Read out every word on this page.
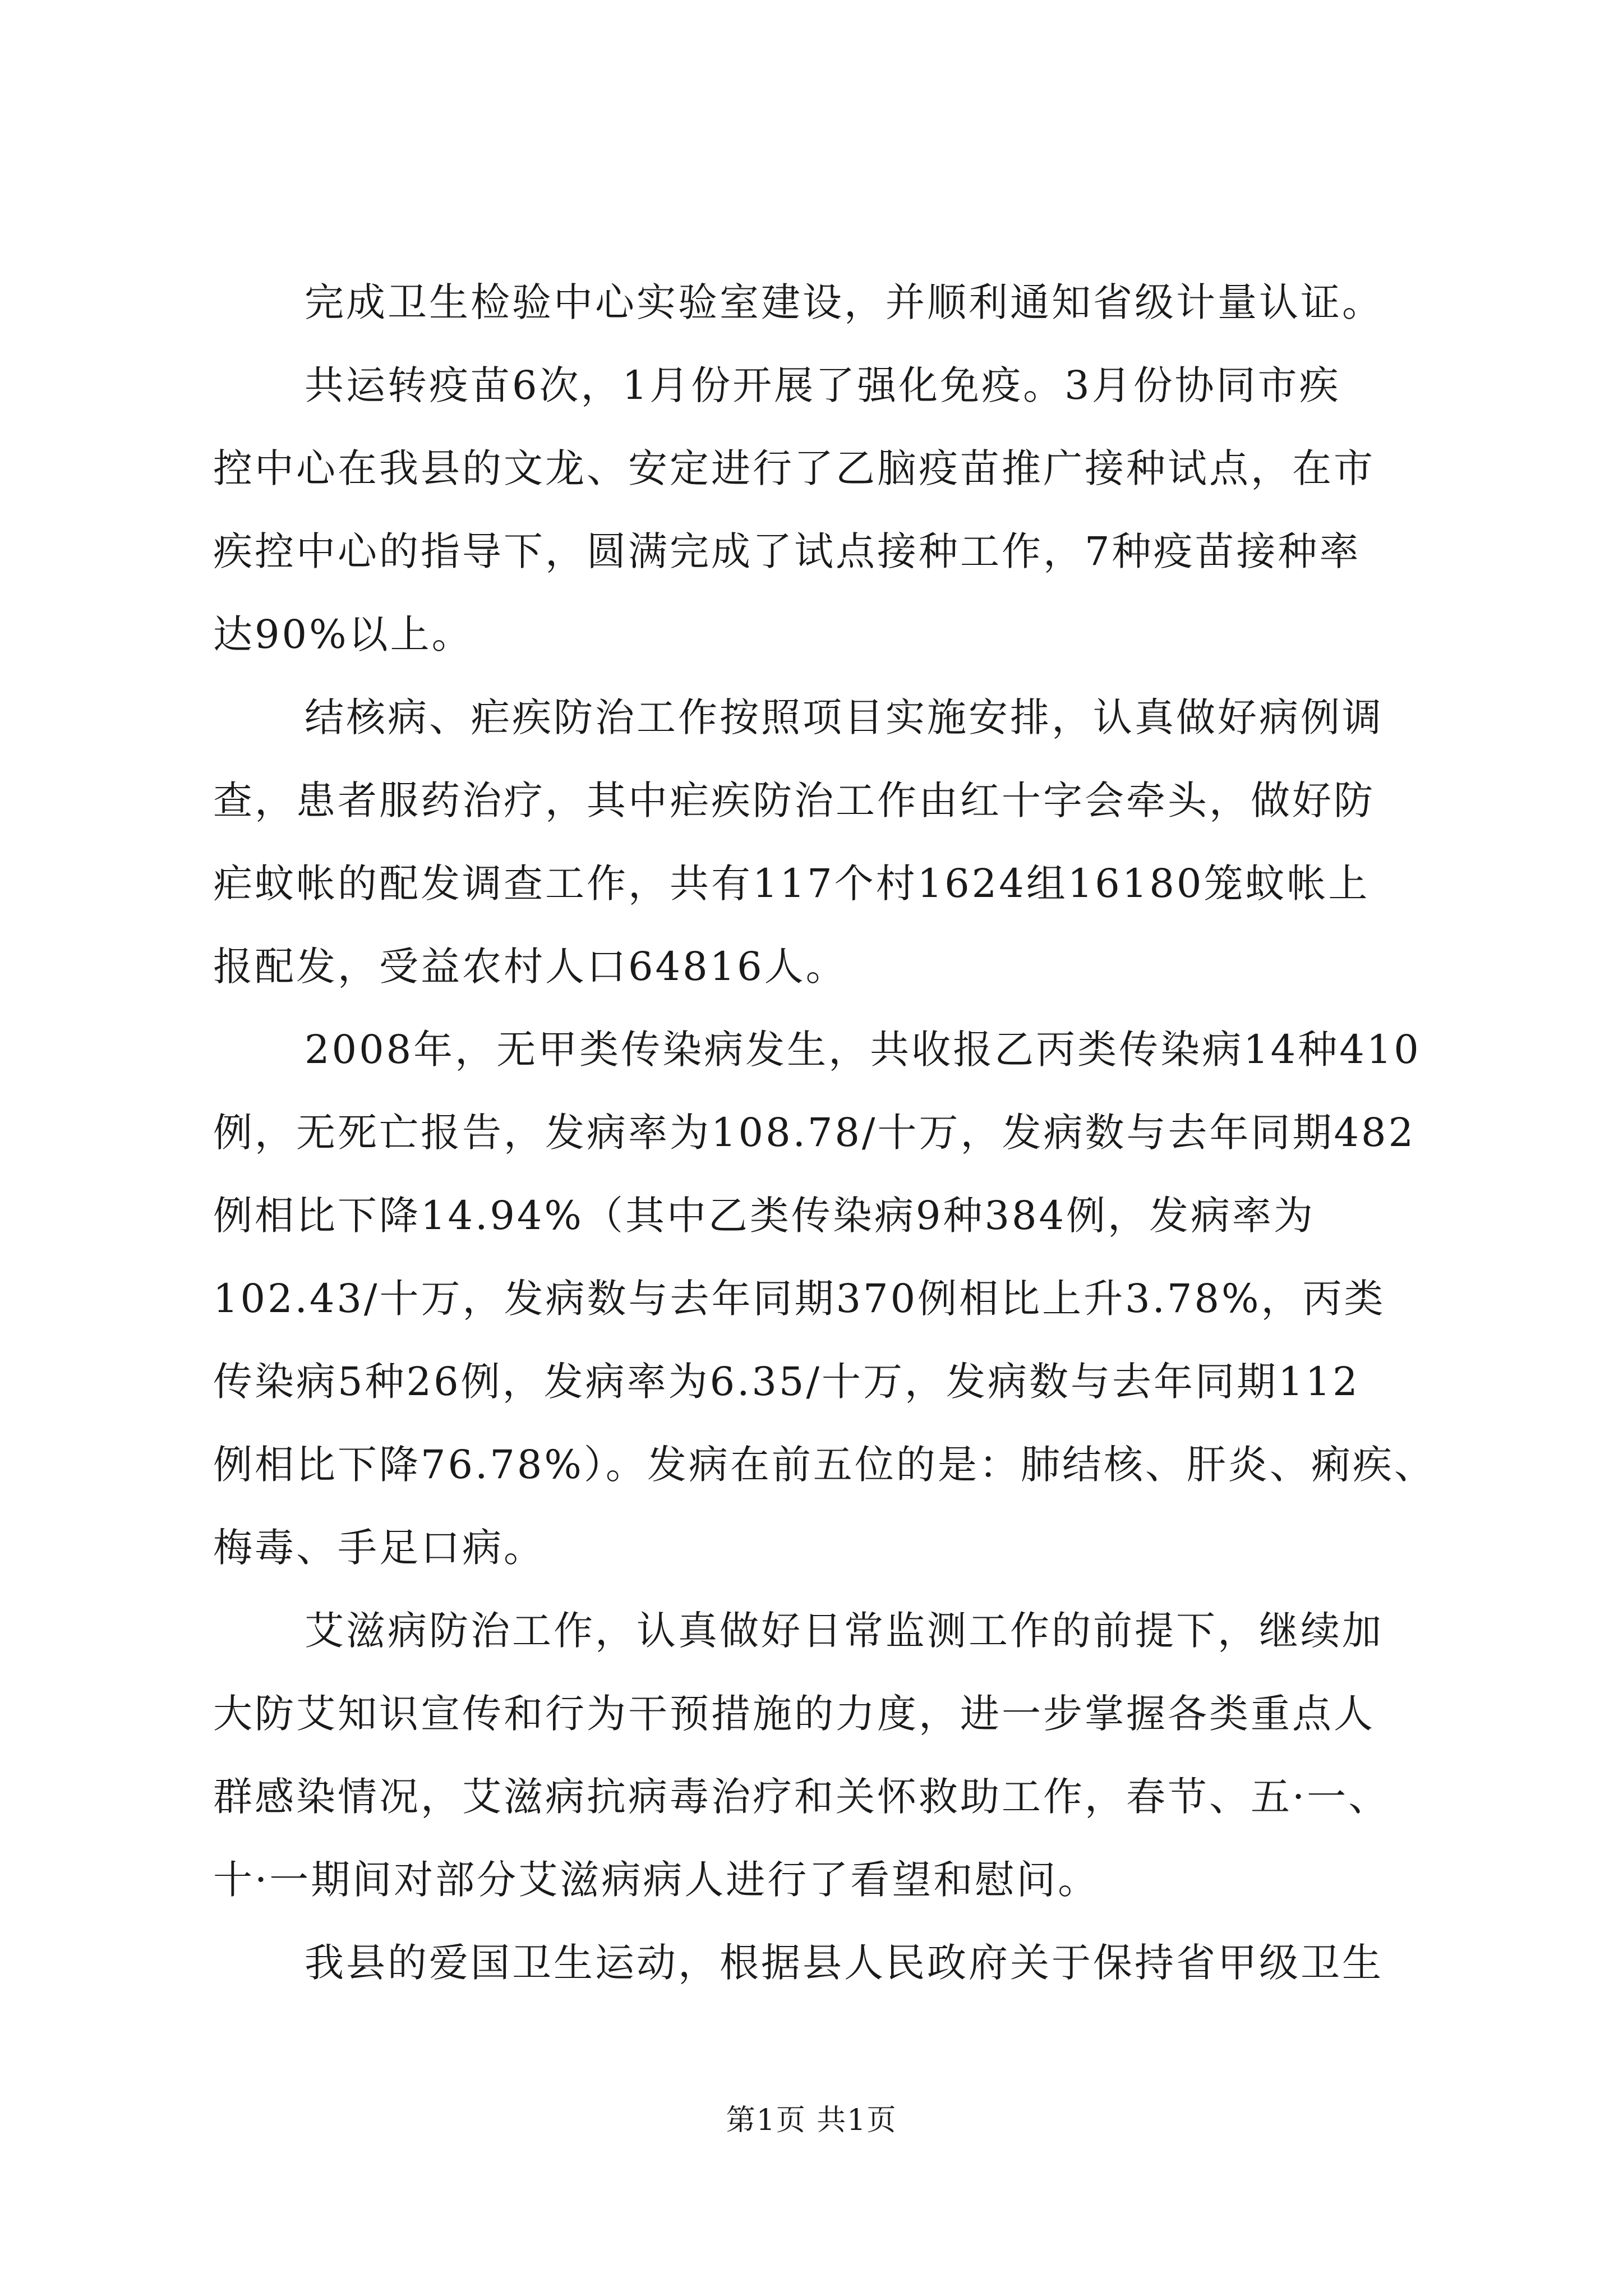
完成卫生检验中心实验室建设，并顺利通知省级计量认证。
共运转疫苗6次，1月份开展了强化免疫。3月份协同市疾
控中心在我县的文龙、安定进行了乙脑疫苗推广接种试点，在市
疾控中心的指导下，圆满完成了试点接种工作，7种疫苗接种率
达90%以上。
结核病、疟疾防治工作按照项目实施安排，认真做好病例调
查，患者服药治疗，其中疟疾防治工作由红十字会牵头，做好防
疟蚊帐的配发调查工作，共有117个村1624组16180笼蚊帐上
报配发，受益农村人口64816人。
2008年，无甲类传染病发生，共收报乙丙类传染病14种410
例，无死亡报告，发病率为108.78/十万，发病数与去年同期482
例相比下降14.94%（其中乙类传染病9种384例，发病率为
102.43/十万，发病数与去年同期370例相比上升3.78%，丙类
传染病5种26例，发病率为6.35/十万，发病数与去年同期112
例相比下降76.78%）。发病在前五位的是：肺结核、肝炎、痢疾、
梅毒、手足口病。
艾滋病防治工作，认真做好日常监测工作的前提下，继续加
大防艾知识宣传和行为干预措施的力度，进一步掌握各类重点人
群感染情况，艾滋病抗病毒治疗和关怀救助工作，春节、五·一、
十·一期间对部分艾滋病病人进行了看望和慰问。
我县的爱国卫生运动，根据县人民政府关于保持省甲级卫生
第1页 共1页
